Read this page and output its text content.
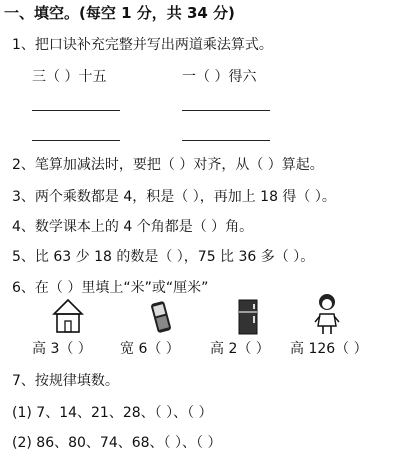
一、填空。(每空 1 分，共 34 分)
1、把口诀补充完整并写出两道乘法算式。
三（ ）十五	一（ ）得六
2、笔算加减法时，要把（ ）对齐，从（ ）算起。
3、两个乘数都是 4，积是（ ），再加上 18 得（ ）。
4、数学课本上的 4 个角都是（ ）角。
5、比 63 少 18 的数是（ ），75 比 36 多（ ）。
6、在（ ）里填上“米”或“厘米”
高 3（ ） 宽 6（ ） 高 2（ ） 高 126（ ）
7、按规律填数。
(1) 7、14、21、28、（ ）、（ ）
(2) 86、80、74、68、（ ）、（ ）
